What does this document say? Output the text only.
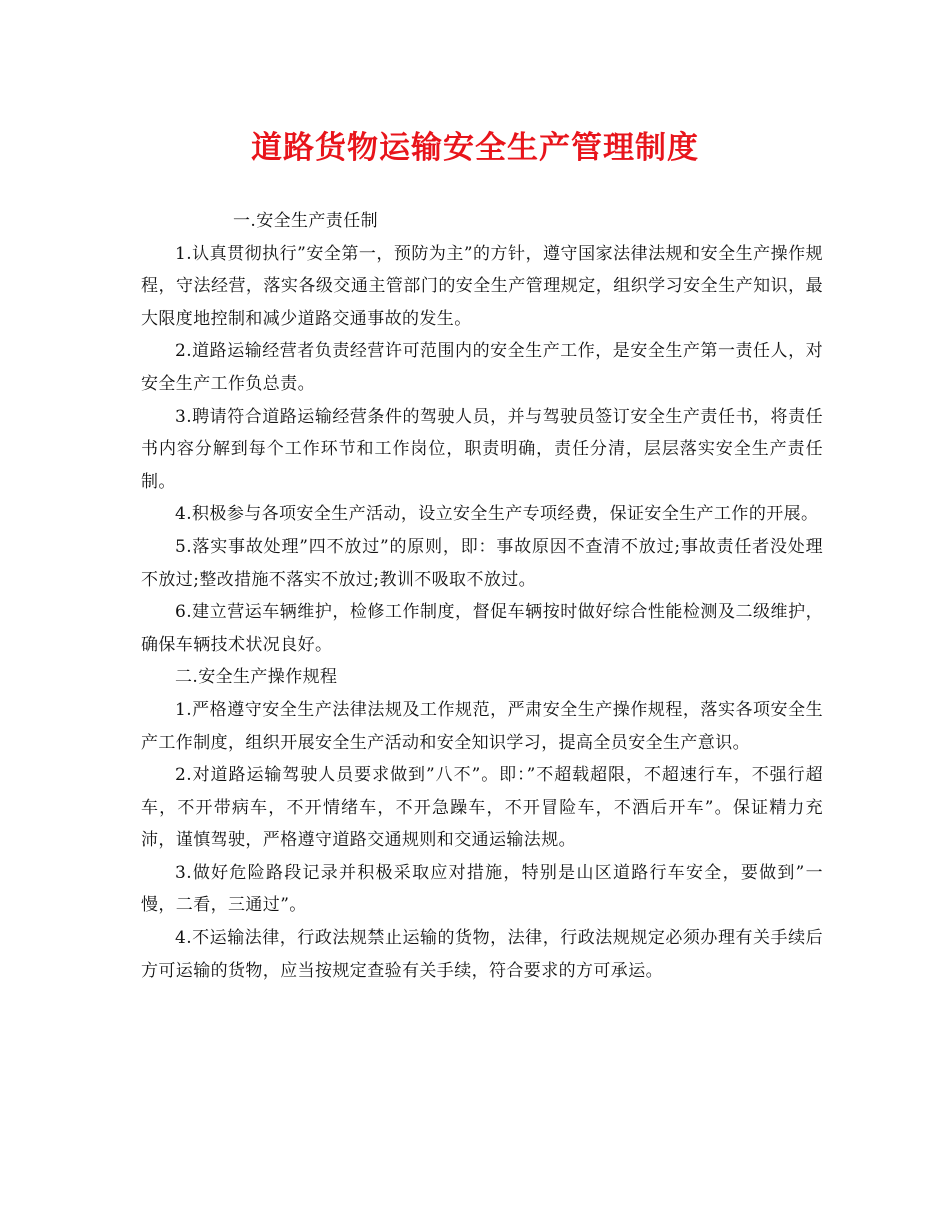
道路货物运输安全生产管理制度

一.安全生产责任制

1.认真贯彻执行”安全第一，预防为主”的方针，遵守国家法律法规和安全生产操作规程，守法经营，落实各级交通主管部门的安全生产管理规定，组织学习安全生产知识，最大限度地控制和减少道路交通事故的发生。

2.道路运输经营者负责经营许可范围内的安全生产工作，是安全生产第一责任人，对安全生产工作负总责。

3.聘请符合道路运输经营条件的驾驶人员，并与驾驶员签订安全生产责任书，将责任书内容分解到每个工作环节和工作岗位，职责明确，责任分清，层层落实安全生产责任制。

4.积极参与各项安全生产活动，设立安全生产专项经费，保证安全生产工作的开展。

5.落实事故处理”四不放过”的原则，即：事故原因不查清不放过;事故责任者没处理不放过;整改措施不落实不放过;教训不吸取不放过。

6.建立营运车辆维护，检修工作制度，督促车辆按时做好综合性能检测及二级维护，确保车辆技术状况良好。

二.安全生产操作规程

1.严格遵守安全生产法律法规及工作规范，严肃安全生产操作规程，落实各项安全生产工作制度，组织开展安全生产活动和安全知识学习，提高全员安全生产意识。

2.对道路运输驾驶人员要求做到”八不”。即：”不超载超限，不超速行车，不强行超车，不开带病车，不开情绪车，不开急躁车，不开冒险车，不酒后开车”。保证精力充沛，谨慎驾驶，严格遵守道路交通规则和交通运输法规。

3.做好危险路段记录并积极采取应对措施，特别是山区道路行车安全，要做到”一慢，二看，三通过”。

4.不运输法律，行政法规禁止运输的货物，法律，行政法规规定必须办理有关手续后方可运输的货物，应当按规定查验有关手续，符合要求的方可承运。
